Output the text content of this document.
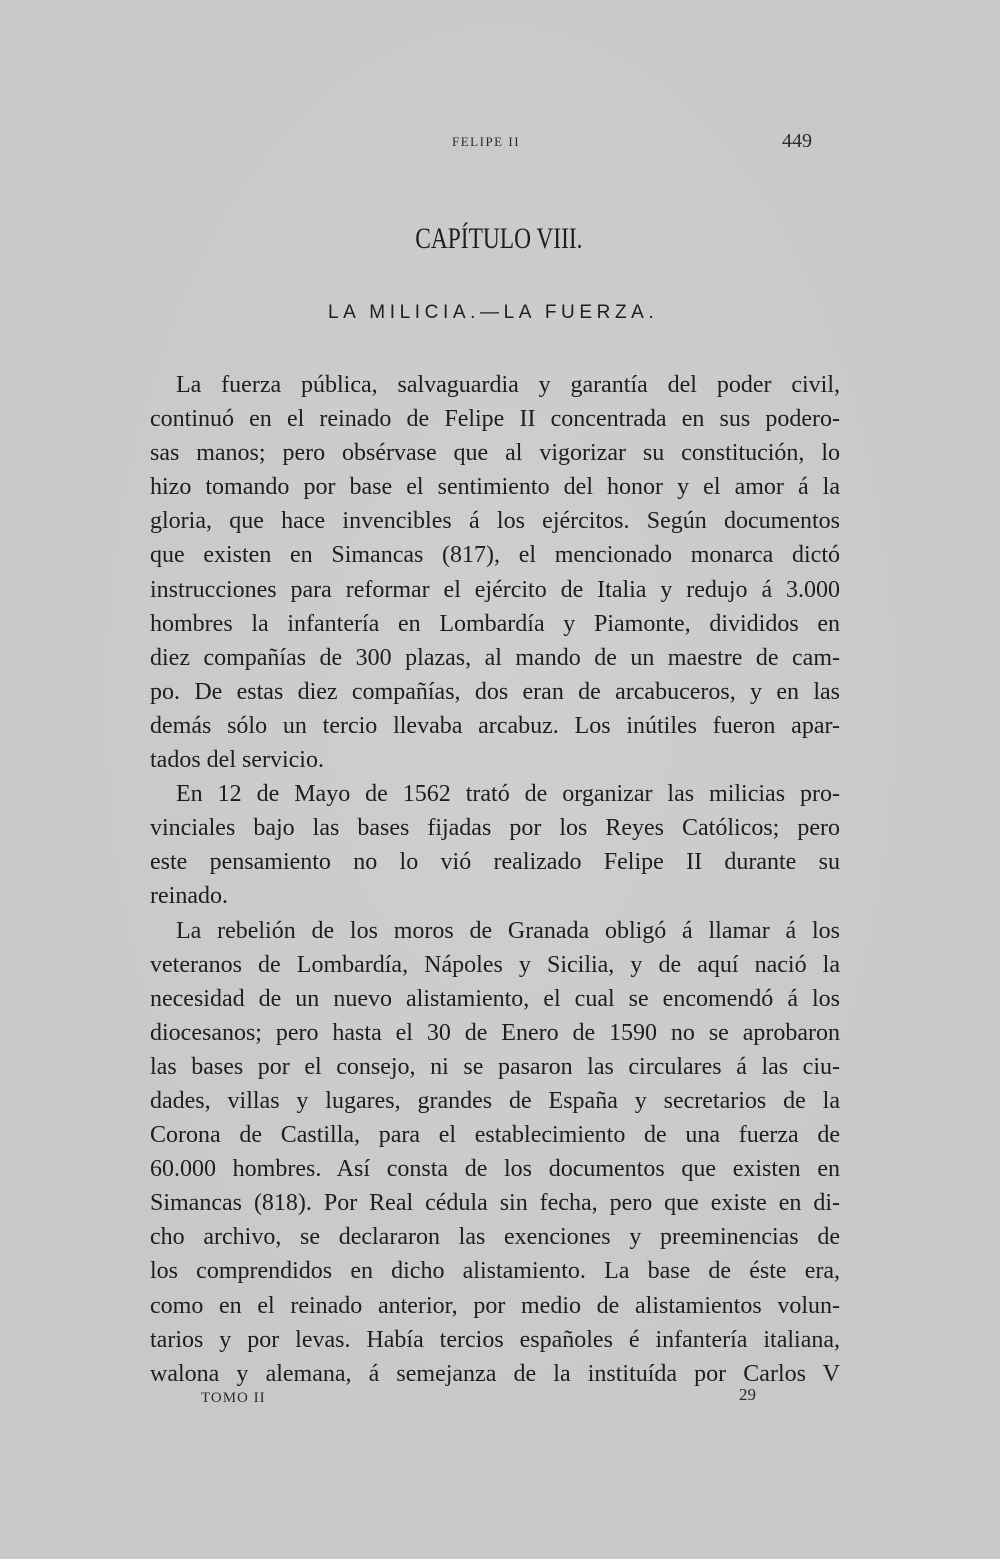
FELIPE II	449
CAPÍTULO VIII.
LA MILICIA.—LA FUERZA.
La fuerza pública, salvaguardia y garantía del poder civil,
continuó en el reinado de Felipe II concentrada en sus podero-
sas manos; pero obsérvase que al vigorizar su constitución, lo
hizo tomando por base el sentimiento del honor y el amor á la
gloria, que hace invencibles á los ejércitos. Según documentos
que existen en Simancas (817), el mencionado monarca dictó
instrucciones para reformar el ejército de Italia y redujo á 3.000
hombres la infantería en Lombardía y Piamonte, divididos en
diez compañías de 300 plazas, al mando de un maestre de cam-
po. De estas diez compañías, dos eran de arcabuceros, y en las
demás sólo un tercio llevaba arcabuz. Los inútiles fueron apar-
tados del servicio.
En 12 de Mayo de 1562 trató de organizar las milicias pro-
vinciales bajo las bases fijadas por los Reyes Católicos; pero
este pensamiento no lo vió realizado Felipe II durante su
reinado.
La rebelión de los moros de Granada obligó á llamar á los
veteranos de Lombardía, Nápoles y Sicilia, y de aquí nació la
necesidad de un nuevo alistamiento, el cual se encomendó á los
diocesanos; pero hasta el 30 de Enero de 1590 no se aprobaron
las bases por el consejo, ni se pasaron las circulares á las ciu-
dades, villas y lugares, grandes de España y secretarios de la
Corona de Castilla, para el establecimiento de una fuerza de
60.000 hombres. Así consta de los documentos que existen en
Simancas (818). Por Real cédula sin fecha, pero que existe en di-
cho archivo, se declararon las exenciones y preeminencias de
los comprendidos en dicho alistamiento. La base de éste era,
como en el reinado anterior, por medio de alistamientos volun-
tarios y por levas. Había tercios españoles é infantería italiana,
walona y alemana, á semejanza de la instituída por Carlos V
TOMO II	29
